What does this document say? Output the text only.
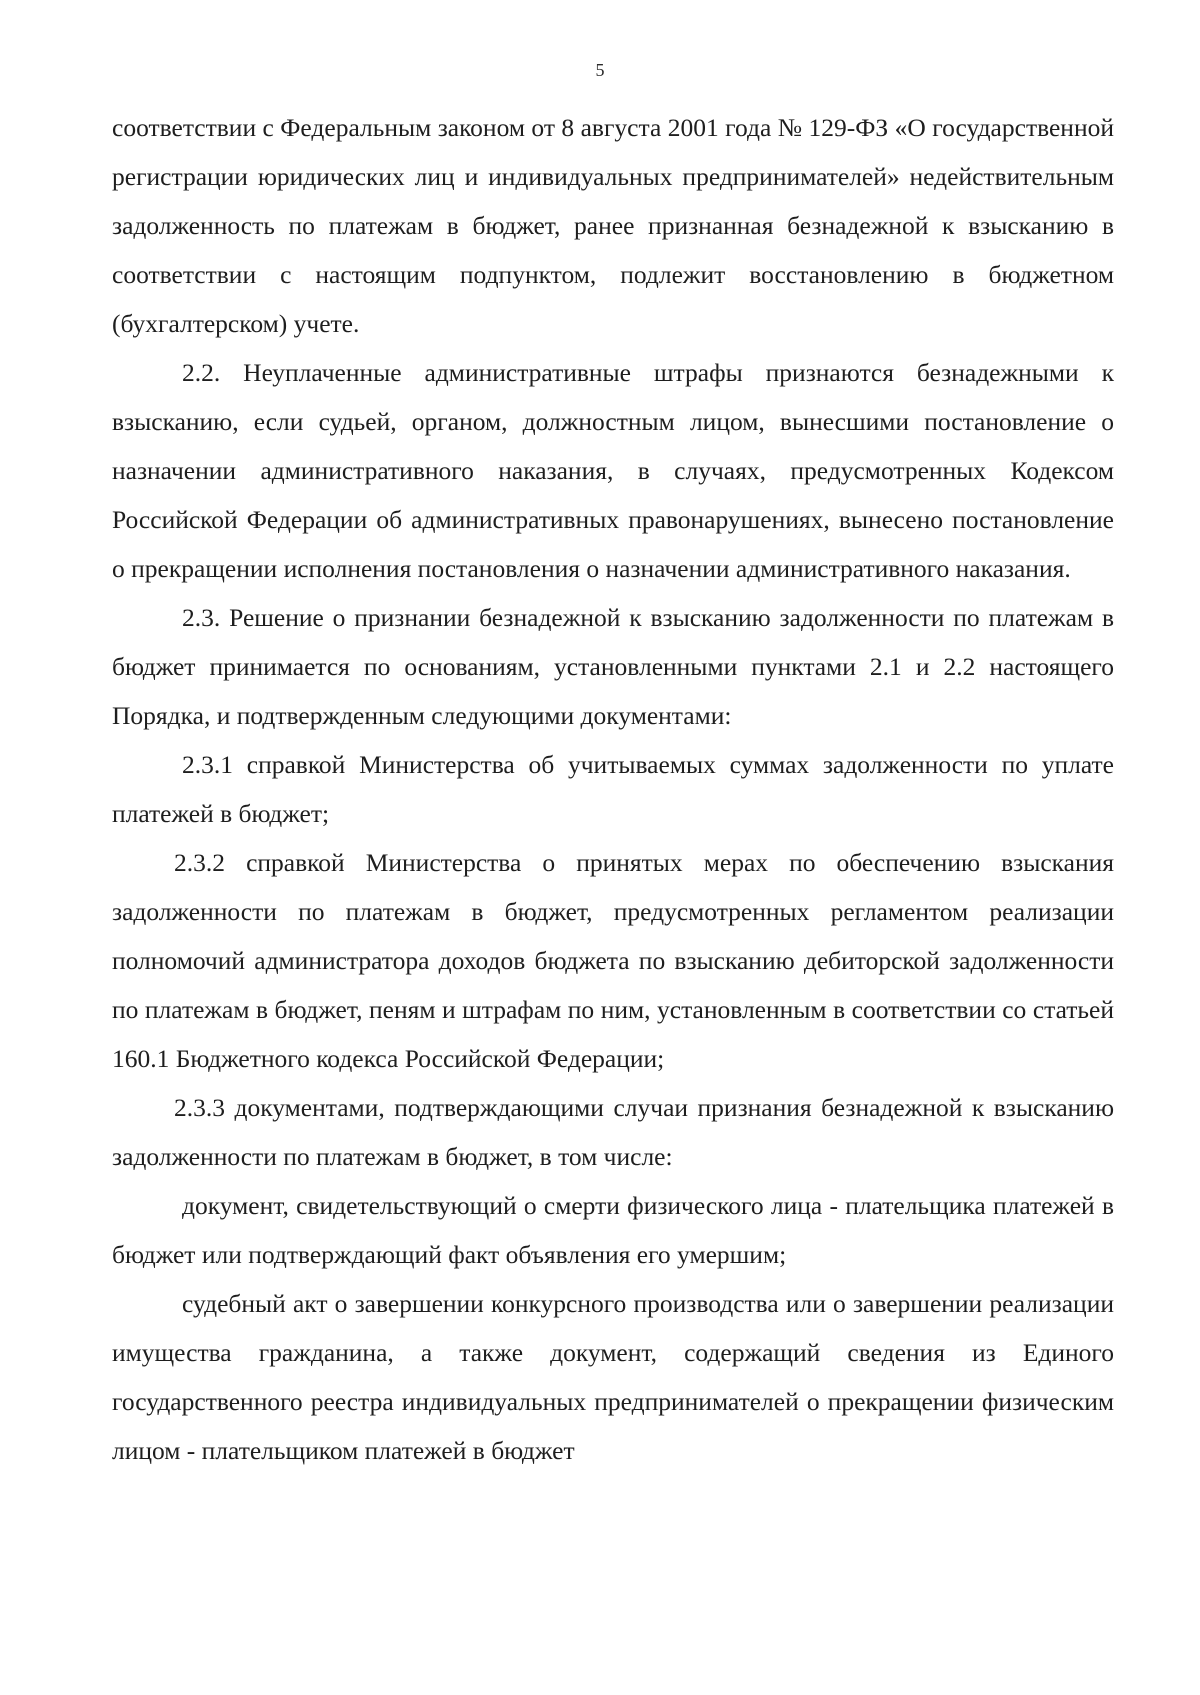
5

соответствии с Федеральным законом от 8 августа 2001 года № 129-ФЗ «О государственной регистрации юридических лиц и индивидуальных предпринимателей» недействительным задолженность по платежам в бюджет, ранее признанная безнадежной к взысканию в соответствии с настоящим подпунктом, подлежит восстановлению в бюджетном (бухгалтерском) учете.

2.2. Неуплаченные административные штрафы признаются безнадежными к взысканию, если судьей, органом, должностным лицом, вынесшими постановление о назначении административного наказания, в случаях, предусмотренных Кодексом Российской Федерации об административных правонарушениях, вынесено постановление о прекращении исполнения постановления о назначении административного наказания.

2.3. Решение о признании безнадежной к взысканию задолженности по платежам в бюджет принимается по основаниям, установленными пунктами 2.1 и 2.2 настоящего Порядка, и подтвержденным следующими документами:

2.3.1 справкой Министерства об учитываемых суммах задолженности по уплате платежей в бюджет;

2.3.2 справкой Министерства о принятых мерах по обеспечению взыскания задолженности по платежам в бюджет, предусмотренных регламентом реализации полномочий администратора доходов бюджета по взысканию дебиторской задолженности по платежам в бюджет, пеням и штрафам по ним, установленным в соответствии со статьей 160.1 Бюджетного кодекса Российской Федерации;

2.3.3 документами, подтверждающими случаи признания безнадежной к взысканию задолженности по платежам в бюджет, в том числе:

документ, свидетельствующий о смерти физического лица - плательщика платежей в бюджет или подтверждающий факт объявления его умершим;

судебный акт о завершении конкурсного производства или о завершении реализации имущества гражданина, а также документ, содержащий сведения из Единого государственного реестра индивидуальных предпринимателей о прекращении физическим лицом - плательщиком платежей в бюджет
